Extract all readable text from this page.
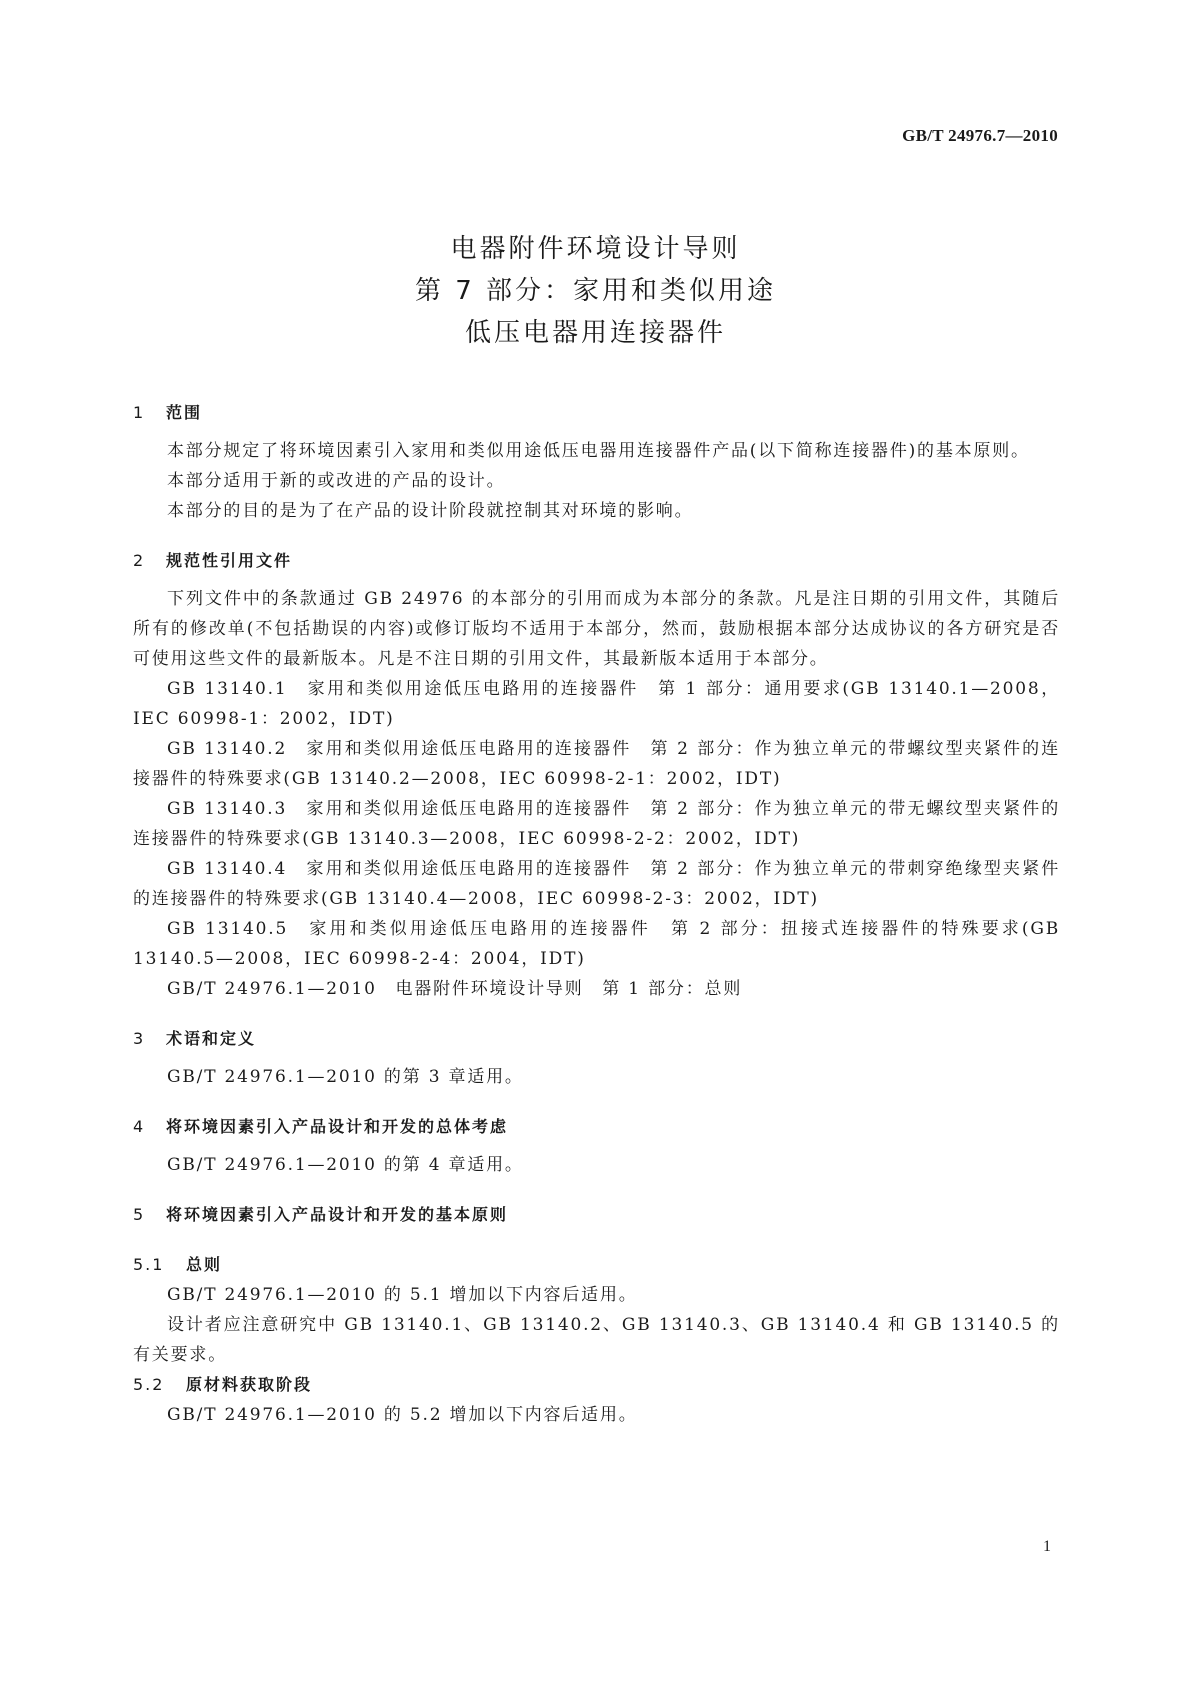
GB/T 24976.7—2010
电器附件环境设计导则
第 7 部分：家用和类似用途
低压电器用连接器件
1 范围

本部分规定了将环境因素引入家用和类似用途低压电器用连接器件产品(以下简称连接器件)的基本原则。

本部分适用于新的或改进的产品的设计。

本部分的目的是为了在产品的设计阶段就控制其对环境的影响。

2 规范性引用文件

下列文件中的条款通过 GB 24976 的本部分的引用而成为本部分的条款。凡是注日期的引用文件，其随后所有的修改单(不包括勘误的内容)或修订版均不适用于本部分，然而，鼓励根据本部分达成协议的各方研究是否可使用这些文件的最新版本。凡是不注日期的引用文件，其最新版本适用于本部分。

GB 13140.1　家用和类似用途低压电路用的连接器件　第 1 部分：通用要求(GB 13140.1—2008，IEC 60998-1：2002，IDT)

GB 13140.2　家用和类似用途低压电路用的连接器件　第 2 部分：作为独立单元的带螺纹型夹紧件的连接器件的特殊要求(GB 13140.2—2008，IEC 60998-2-1：2002，IDT)

GB 13140.3　家用和类似用途低压电路用的连接器件　第 2 部分：作为独立单元的带无螺纹型夹紧件的连接器件的特殊要求(GB 13140.3—2008，IEC 60998-2-2：2002，IDT)

GB 13140.4　家用和类似用途低压电路用的连接器件　第 2 部分：作为独立单元的带刺穿绝缘型夹紧件的连接器件的特殊要求(GB 13140.4—2008，IEC 60998-2-3：2002，IDT)

GB 13140.5　家用和类似用途低压电路用的连接器件　第 2 部分：扭接式连接器件的特殊要求(GB 13140.5—2008，IEC 60998-2-4：2004，IDT)

GB/T 24976.1—2010　电器附件环境设计导则　第 1 部分：总则

3 术语和定义

GB/T 24976.1—2010 的第 3 章适用。

4 将环境因素引入产品设计和开发的总体考虑

GB/T 24976.1—2010 的第 4 章适用。

5 将环境因素引入产品设计和开发的基本原则
5.1 总则

GB/T 24976.1—2010 的 5.1 增加以下内容后适用。

设计者应注意研究中 GB 13140.1、GB 13140.2、GB 13140.3、GB 13140.4 和 GB 13140.5 的有关要求。

5.2 原材料获取阶段

GB/T 24976.1—2010 的 5.2 增加以下内容后适用。

1
